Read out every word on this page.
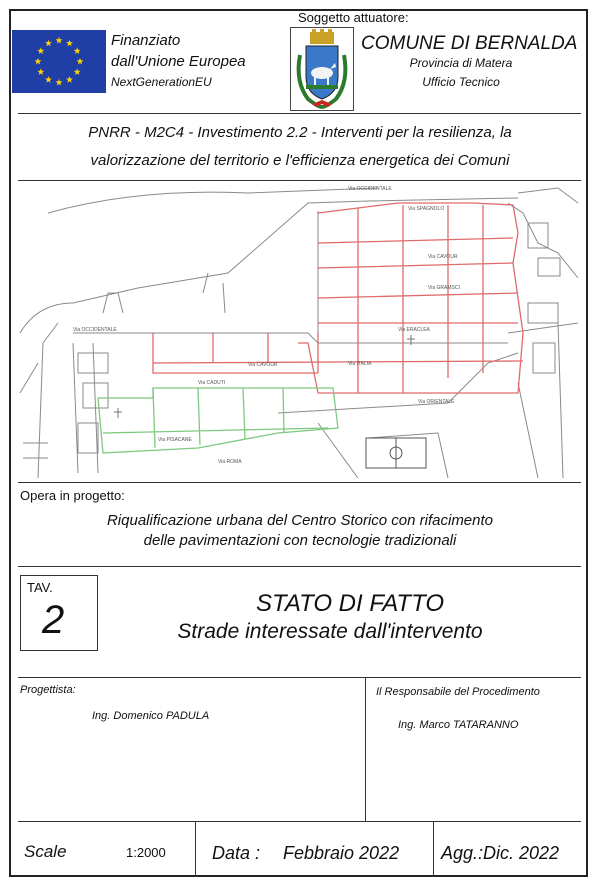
Finanziato
dall'Unione Europea
NextGenerationEU
Soggetto attuatore:
COMUNE DI BERNALDA
Provincia di Matera
Ufficio Tecnico
PNRR - M2C4 - Investimento 2.2 - Interventi per la resilienza, la
valorizzazione del territorio e l'efficienza energetica dei Comuni
Via OCCIDENTALE
Via SPAGNOLO
Via CAVOUR
Via GRAMSCI
Via ERACLEA
Via ITALIA
Via CAVOUR
Via ORIENTALE
Via OCCIDENTALE
Via PISACANE
Via CADUTI
Via ROMA
Opera in progetto:
Riqualificazione urbana del Centro Storico con rifacimento
delle pavimentazioni con tecnologie tradizionali
TAV.
2	STATO DI FATTO
Strade interessate dall'intervento
Progettista:
Ing. Domenico PADULA
Il Responsabile del Procedimento
Ing. Marco TATARANNO
Scale	1:2000	Data : Febbraio 2022 Agg.:Dic. 2022
